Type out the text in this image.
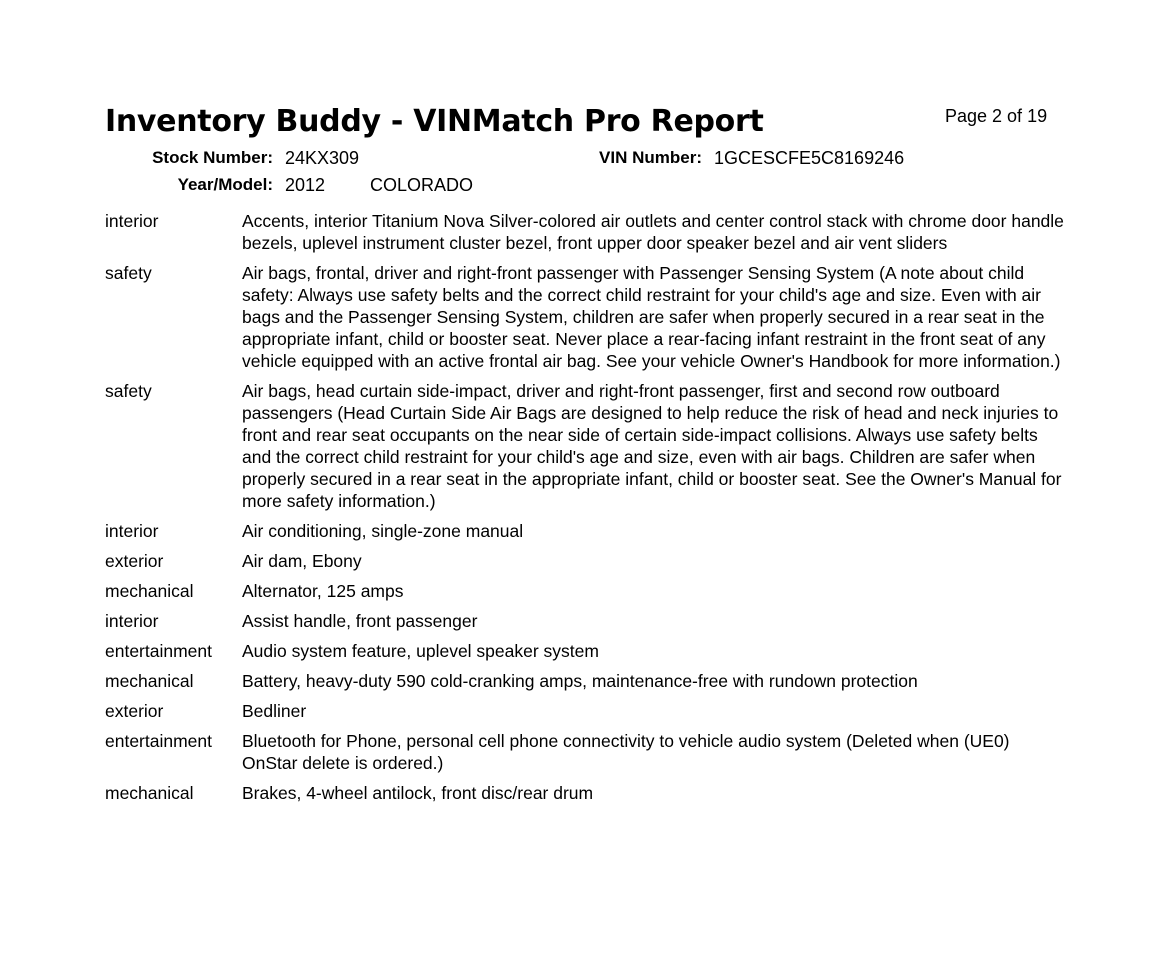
Inventory Buddy - VINMatch Pro Report	Page 2 of 19
Stock Number: 24KX309	VIN Number: 1GCESCFE5C8169246
Year/Model: 2012 COLORADO
interior	Accents, interior Titanium Nova Silver-colored air outlets and center control stack with chrome door handle bezels, uplevel instrument cluster bezel, front upper door speaker bezel and air vent sliders
safety	Air bags, frontal, driver and right-front passenger with Passenger Sensing System (A note about child safety: Always use safety belts and the correct child restraint for your child's age and size. Even with air bags and the Passenger Sensing System, children are safer when properly secured in a rear seat in the appropriate infant, child or booster seat. Never place a rear-facing infant restraint in the front seat of any vehicle equipped with an active frontal air bag. See your vehicle Owner's Handbook for more information.)
safety	Air bags, head curtain side-impact, driver and right-front passenger, first and second row outboard passengers (Head Curtain Side Air Bags are designed to help reduce the risk of head and neck injuries to front and rear seat occupants on the near side of certain side-impact collisions. Always use safety belts and the correct child restraint for your child's age and size, even with air bags. Children are safer when properly secured in a rear seat in the appropriate infant, child or booster seat. See the Owner's Manual for more safety information.)
interior	Air conditioning, single-zone manual
exterior	Air dam, Ebony
mechanical	Alternator, 125 amps
interior	Assist handle, front passenger
entertainment	Audio system feature, uplevel speaker system
mechanical	Battery, heavy-duty 590 cold-cranking amps, maintenance-free with rundown protection
exterior	Bedliner
entertainment	Bluetooth for Phone, personal cell phone connectivity to vehicle audio system (Deleted when (UE0) OnStar delete is ordered.)
mechanical	Brakes, 4-wheel antilock, front disc/rear drum
